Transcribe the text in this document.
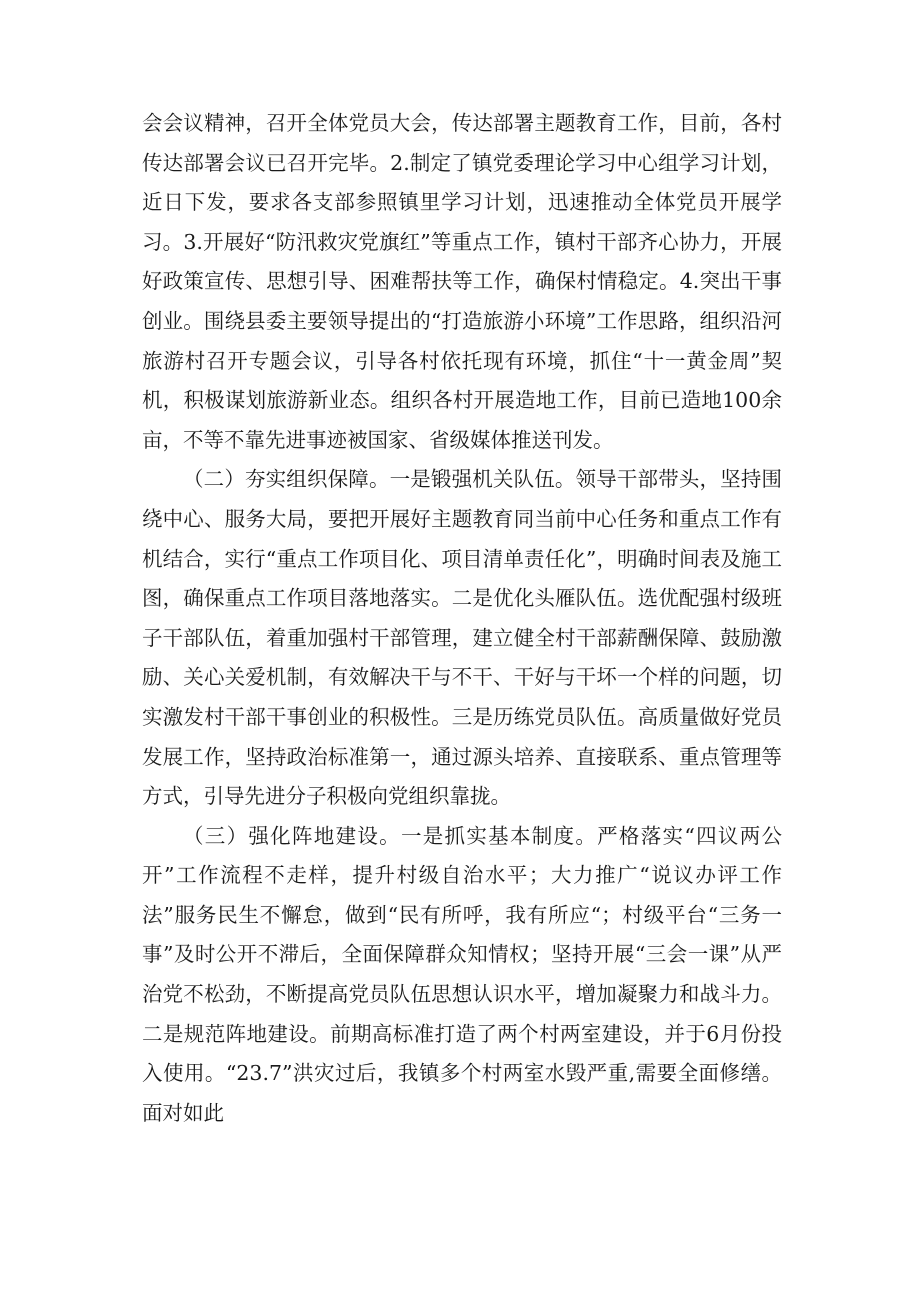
会会议精神，召开全体党员大会，传达部署主题教育工作，目前，各村传达部署会议已召开完毕。2.制定了镇党委理论学习中心组学习计划，近日下发，要求各支部参照镇里学习计划，迅速推动全体党员开展学习。3.开展好“防汛救灾党旗红”等重点工作，镇村干部齐心协力，开展好政策宣传、思想引导、困难帮扶等工作，确保村情稳定。4.突出干事创业。围绕县委主要领导提出的“打造旅游小环境”工作思路，组织沿河旅游村召开专题会议，引导各村依托现有环境，抓住“十一黄金周”契机，积极谋划旅游新业态。组织各村开展造地工作，目前已造地100余亩，不等不靠先进事迹被国家、省级媒体推送刊发。

（二）夯实组织保障。一是锻强机关队伍。领导干部带头，坚持围绕中心、服务大局，要把开展好主题教育同当前中心任务和重点工作有机结合，实行“重点工作项目化、项目清单责任化”，明确时间表及施工图，确保重点工作项目落地落实。二是优化头雁队伍。选优配强村级班子干部队伍，着重加强村干部管理，建立健全村干部薪酬保障、鼓励激励、关心关爱机制，有效解决干与不干、干好与干坏一个样的问题，切实激发村干部干事创业的积极性。三是历练党员队伍。高质量做好党员发展工作，坚持政治标准第一，通过源头培养、直接联系、重点管理等方式，引导先进分子积极向党组织靠拢。

（三）强化阵地建设。一是抓实基本制度。严格落实“四议两公开”工作流程不走样，提升村级自治水平；大力推广“说议办评工作法”服务民生不懈怠，做到“民有所呼，我有所应“；村级平台“三务一事”及时公开不滞后，全面保障群众知情权；坚持开展“三会一课”从严治党不松劲，不断提高党员队伍思想认识水平，增加凝聚力和战斗力。二是规范阵地建设。前期高标准打造了两个村两室建设，并于6月份投入使用。“23.7”洪灾过后，我镇多个村两室水毁严重,需要全面修缮。面对如此
